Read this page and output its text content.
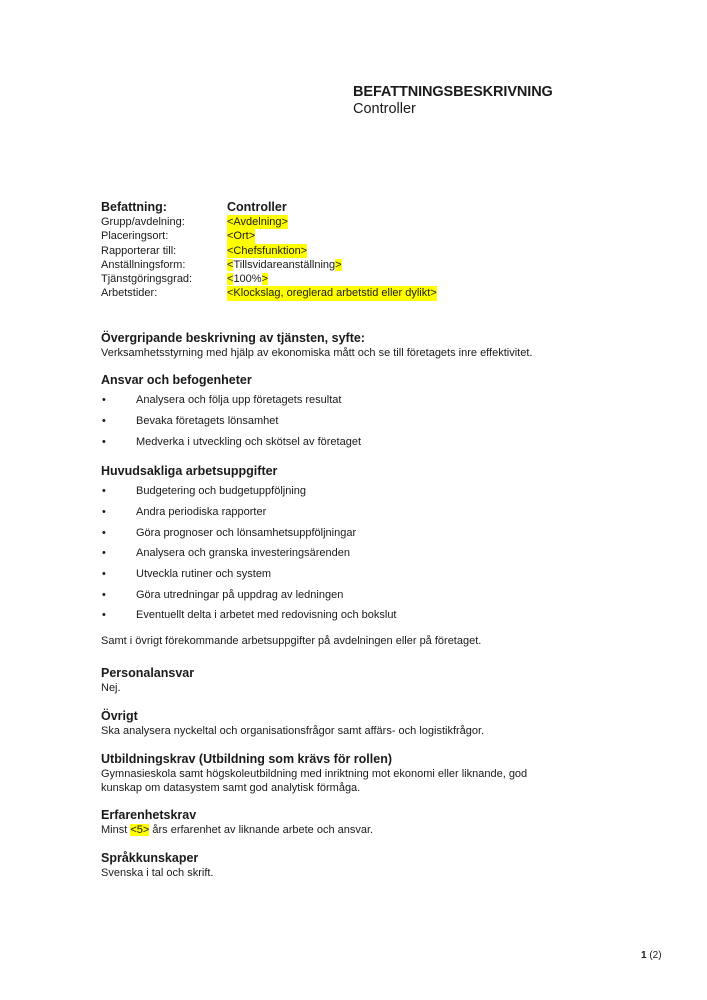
BEFATTNINGSBESKRIVNING
Controller
Befattning:	Controller
Grupp/avdelning:	<Avdelning>
Placeringsort:	<Ort>
Rapporterar till:	<Chefsfunktion>
Anställningsform:	<Tillsvidareanställning>
Tjänstgöringsgrad:	<100%>
Arbetstider:	<Klockslag, oreglerad arbetstid eller dylikt>
Övergripande beskrivning av tjänsten, syfte:

Verksamhetsstyrning med hjälp av ekonomiska mått och se till företagets inre effektivitet.

Ansvar och befogenheter
•	Analysera och följa upp företagets resultat
•	Bevaka företagets lönsamhet
•	Medverka i utveckling och skötsel av företaget
Huvudsakliga arbetsuppgifter
•	Budgetering och budgetuppföljning
•	Andra periodiska rapporter
•	Göra prognoser och lönsamhetsuppföljningar
•	Analysera och granska investeringsärenden
•	Utveckla rutiner och system
•	Göra utredningar på uppdrag av ledningen
•	Eventuellt delta i arbetet med redovisning och bokslut

Samt i övrigt förekommande arbetsuppgifter på avdelningen eller på företaget.

Personalansvar

Nej.

Övrigt

Ska analysera nyckeltal och organisationsfrågor samt affärs- och logistikfrågor.

Utbildningskrav (Utbildning som krävs för rollen)

Gymnasieskola samt högskoleutbildning med inriktning mot ekonomi eller liknande, god kunskap om datasystem samt god analytisk förmåga.

Erfarenhetskrav

Minst <5> års erfarenhet av liknande arbete och ansvar.

Språkkunskaper

Svenska i tal och skrift.

1 (2)
